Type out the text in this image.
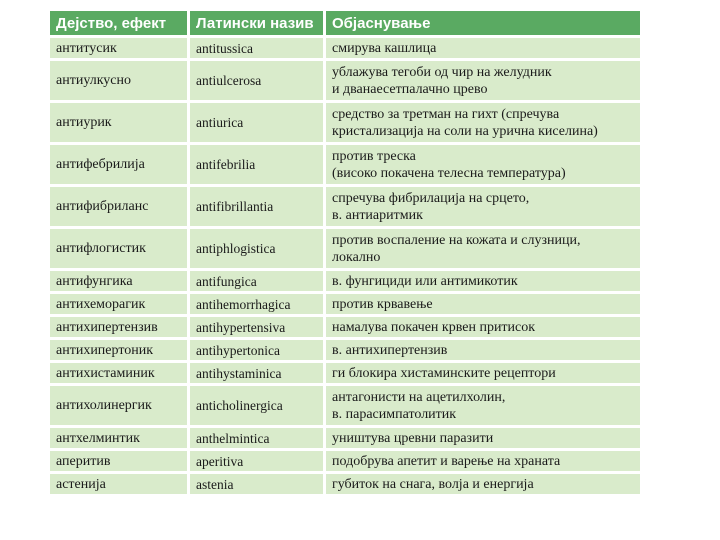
Дејство, ефект	Латински назив	Објаснување
антитусик	antitussica	смирува кашлица
антиулкусно	antiulcerosa	ублажува тегоби од чир на желудник
и дванаесетпалачно црево
антиурик	antiurica	средство за третман на гихт (спречува
кристализација на соли на урична киселина)
антифебрилија	antifebrilia	против треска
(високо покачена телесна температура)
антифибриланс	antifibrillantia	спречува фибрилација на срцето,
в. антиаритмик
антифлогистик	antiphlogistica	против воспаление на кожата и слузници,
локално
антифунгика	antifungica	в. фунгициди или антимикотик
антихеморагик	antihemorrhagica	против крвавење
антихипертензив	antihypertensiva	намалува покачен крвен притисок
антихипертоник	antihypertonica	в. антихипертензив
антихистаминик	antihystaminica	ги блокира хистаминските рецептори
антихолинергик	anticholinergica	антагонисти на ацетилхолин,
в. парасимпатолитик
антхелминтик	anthelmintica	уништува цревни паразити
аперитив	aperitiva	подобрува апетит и варење на храната
астенија	astenia	губиток на снага, волја и енергија
